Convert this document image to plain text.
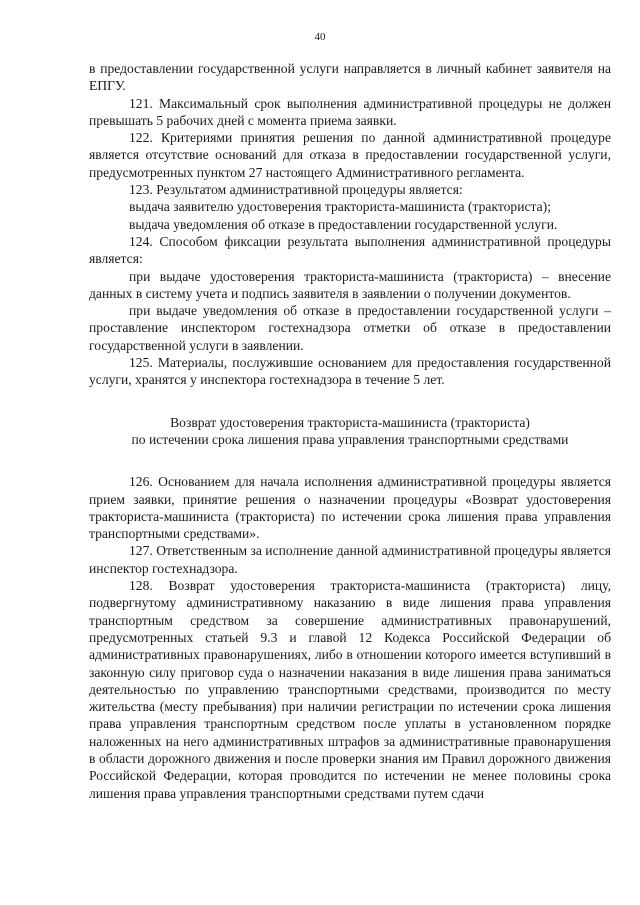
40

в предоставлении государственной услуги направляется в личный кабинет заявителя на ЕПГУ.

121. Максимальный срок выполнения административной процедуры не должен превышать 5 рабочих дней с момента приема заявки.

122. Критериями принятия решения по данной административной процедуре является отсутствие оснований для отказа в предоставлении государственной услуги, предусмотренных пунктом 27 настоящего Административного регламента.

123. Результатом административной процедуры является:

выдача заявителю удостоверения тракториста-машиниста (тракториста);

выдача уведомления об отказе в предоставлении государственной услуги.

124. Способом фиксации результата выполнения административной процедуры является:

при выдаче удостоверения тракториста-машиниста (тракториста) – внесение данных в систему учета и подпись заявителя в заявлении о получении документов.

при выдаче уведомления об отказе в предоставлении государственной услуги – проставление инспектором гостехнадзора отметки об отказе в предоставлении государственной услуги в заявлении.

125. Материалы, послужившие основанием для предоставления государственной услуги, хранятся у инспектора гостехнадзора в течение 5 лет.

Возврат удостоверения тракториста-машиниста (тракториста)
по истечении срока лишения права управления транспортными средствами

126. Основанием для начала исполнения административной процедуры является прием заявки, принятие решения о назначении процедуры «Возврат удостоверения тракториста-машиниста (тракториста) по истечении срока лишения права управления транспортными средствами».

127. Ответственным за исполнение данной административной процедуры является инспектор гостехнадзора.

128. Возврат удостоверения тракториста-машиниста (тракториста) лицу, подвергнутому административному наказанию в виде лишения права управления транспортным средством за совершение административных правонарушений, предусмотренных статьей 9.3 и главой 12 Кодекса Российской Федерации об административных правонарушениях, либо в отношении которого имеется вступивший в законную силу приговор суда о назначении наказания в виде лишения права заниматься деятельностью по управлению транспортными средствами, производится по месту жительства (месту пребывания) при наличии регистрации по истечении срока лишения права управления транспортным средством после уплаты в установленном порядке наложенных на него административных штрафов за административные правонарушения в области дорожного движения и после проверки знания им Правил дорожного движения Российской Федерации, которая проводится по истечении не менее половины срока лишения права управления транспортными средствами путем сдачи
